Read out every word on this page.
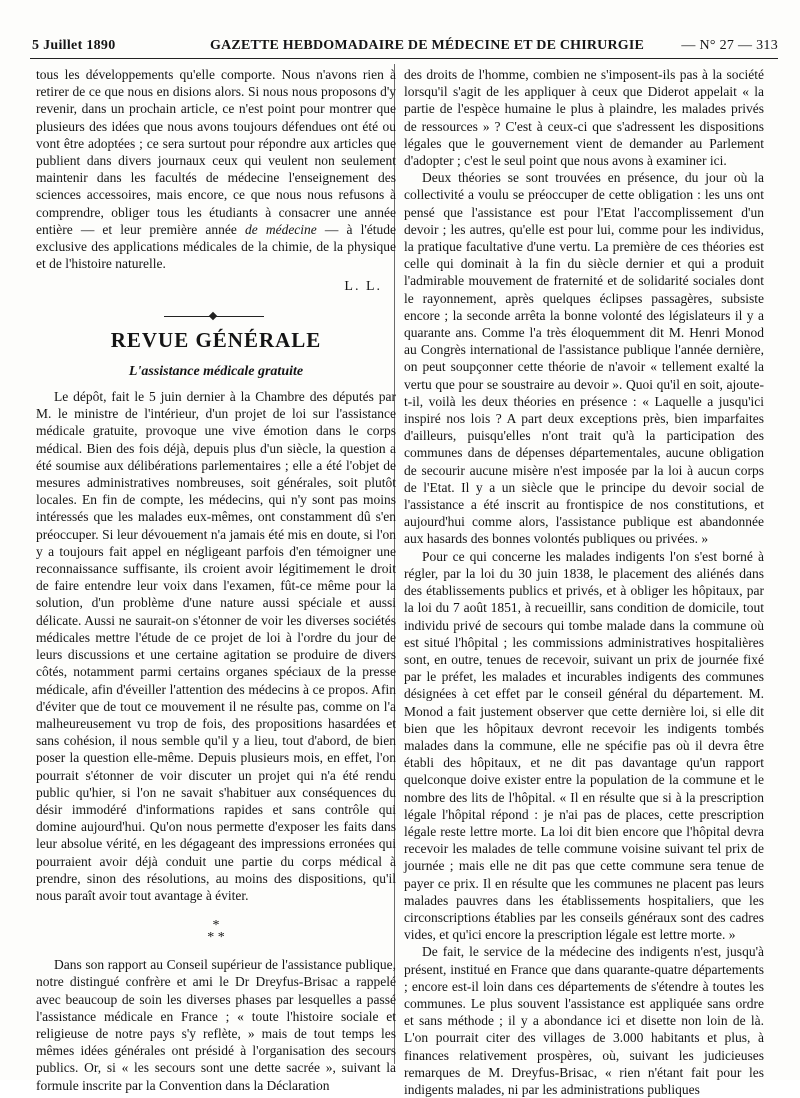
5 Juillet 1890	GAZETTE HEBDOMADAIRE DE MÉDECINE ET DE CHIRURGIE	— N° 27 — 313

tous les développements qu'elle comporte. Nous n'avons rien à retirer de ce que nous en disions alors. Si nous nous proposons d'y revenir, dans un prochain article, ce n'est point pour montrer que plusieurs des idées que nous avons toujours défendues ont été ou vont être adoptées ; ce sera surtout pour répondre aux articles que publient dans divers journaux ceux qui veulent non seulement maintenir dans les facultés de médecine l'enseignement des sciences accessoires, mais encore, ce que nous nous refusons à comprendre, obliger tous les étudiants à consacrer une année entière — et leur première année de médecine — à l'étude exclusive des applications médicales de la chimie, de la physique et de l'histoire naturelle.

L. L.
REVUE GÉNÉRALE
L'assistance médicale gratuite

Le dépôt, fait le 5 juin dernier à la Chambre des députés par M. le ministre de l'intérieur, d'un projet de loi sur l'assistance médicale gratuite, provoque une vive émotion dans le corps médical. Bien des fois déjà, depuis plus d'un siècle, la question a été soumise aux délibérations parlementaires ; elle a été l'objet de mesures administratives nombreuses, soit générales, soit plutôt locales. En fin de compte, les médecins, qui n'y sont pas moins intéressés que les malades eux-mêmes, ont constamment dû s'en préoccuper. Si leur dévouement n'a jamais été mis en doute, si l'on y a toujours fait appel en négligeant parfois d'en témoigner une reconnaissance suffisante, ils croient avoir légitimement le droit de faire entendre leur voix dans l'examen, fût-ce même pour la solution, d'un problème d'une nature aussi spéciale et aussi délicate. Aussi ne saurait-on s'étonner de voir les diverses sociétés médicales mettre l'étude de ce projet de loi à l'ordre du jour de leurs discussions et une certaine agitation se produire de divers côtés, notamment parmi certains organes spéciaux de la presse médicale, afin d'éveiller l'attention des médecins à ce propos. Afin d'éviter que de tout ce mouvement il ne résulte pas, comme on l'a malheureusement vu trop de fois, des propositions hasardées et sans cohésion, il nous semble qu'il y a lieu, tout d'abord, de bien poser la question elle-même. Depuis plusieurs mois, en effet, l'on pourrait s'étonner de voir discuter un projet qui n'a été rendu public qu'hier, si l'on ne savait s'habituer aux conséquences du désir immodéré d'informations rapides et sans contrôle qui domine aujourd'hui. Qu'on nous permette d'exposer les faits dans leur absolue vérité, en les dégageant des impressions erronées qui pourraient avoir déjà conduit une partie du corps médical à prendre, sinon des résolutions, au moins des dispositions, qu'il nous paraît avoir tout avantage à éviter.

*
* *

Dans son rapport au Conseil supérieur de l'assistance publique, notre distingué confrère et ami le Dr Dreyfus-Brisac a rappelé avec beaucoup de soin les diverses phases par lesquelles a passé l'assistance médicale en France ; « toute l'histoire sociale et religieuse de notre pays s'y reflète, » mais de tout temps les mêmes idées générales ont présidé à l'organisation des secours publics. Or, si « les secours sont une dette sacrée », suivant la formule inscrite par la Convention dans la Déclaration

des droits de l'homme, combien ne s'imposent-ils pas à la société lorsqu'il s'agit de les appliquer à ceux que Diderot appelait « la partie de l'espèce humaine le plus à plaindre, les malades privés de ressources » ? C'est à ceux-ci que s'adressent les dispositions légales que le gouvernement vient de demander au Parlement d'adopter ; c'est le seul point que nous avons à examiner ici.

Deux théories se sont trouvées en présence, du jour où la collectivité a voulu se préoccuper de cette obligation : les uns ont pensé que l'assistance est pour l'Etat l'accomplissement d'un devoir ; les autres, qu'elle est pour lui, comme pour les individus, la pratique facultative d'une vertu. La première de ces théories est celle qui dominait à la fin du siècle dernier et qui a produit l'admirable mouvement de fraternité et de solidarité sociales dont le rayonnement, après quelques éclipses passagères, subsiste encore ; la seconde arrêta la bonne volonté des législateurs il y a quarante ans. Comme l'a très éloquemment dit M. Henri Monod au Congrès international de l'assistance publique l'année dernière, on peut soupçonner cette théorie de n'avoir « tellement exalté la vertu que pour se soustraire au devoir ». Quoi qu'il en soit, ajoute-t-il, voilà les deux théories en présence : « Laquelle a jusqu'ici inspiré nos lois ? A part deux exceptions près, bien imparfaites d'ailleurs, puisqu'elles n'ont trait qu'à la participation des communes dans de dépenses départementales, aucune obligation de secourir aucune misère n'est imposée par la loi à aucun corps de l'Etat. Il y a un siècle que le principe du devoir social de l'assistance a été inscrit au frontispice de nos constitutions, et aujourd'hui comme alors, l'assistance publique est abandonnée aux hasards des bonnes volontés publiques ou privées. »

Pour ce qui concerne les malades indigents l'on s'est borné à régler, par la loi du 30 juin 1838, le placement des aliénés dans des établissements publics et privés, et à obliger les hôpitaux, par la loi du 7 août 1851, à recueillir, sans condition de domicile, tout individu privé de secours qui tombe malade dans la commune où est situé l'hôpital ; les commissions administratives hospitalières sont, en outre, tenues de recevoir, suivant un prix de journée fixé par le préfet, les malades et incurables indigents des communes désignées à cet effet par le conseil général du département. M. Monod a fait justement observer que cette dernière loi, si elle dit bien que les hôpitaux devront recevoir les indigents tombés malades dans la commune, elle ne spécifie pas où il devra être établi des hôpitaux, et ne dit pas davantage qu'un rapport quelconque doive exister entre la population de la commune et le nombre des lits de l'hôpital. « Il en résulte que si à la prescription légale l'hôpital répond : je n'ai pas de places, cette prescription légale reste lettre morte. La loi dit bien encore que l'hôpital devra recevoir les malades de telle commune voisine suivant tel prix de journée ; mais elle ne dit pas que cette commune sera tenue de payer ce prix. Il en résulte que les communes ne placent pas leurs malades pauvres dans les établissements hospitaliers, que les circonscriptions établies par les conseils généraux sont des cadres vides, et qu'ici encore la prescription légale est lettre morte. »

De fait, le service de la médecine des indigents n'est, jusqu'à présent, institué en France que dans quarante-quatre départements ; encore est-il loin dans ces départements de s'étendre à toutes les communes. Le plus souvent l'assistance est appliquée sans ordre et sans méthode ; il y a abondance ici et disette non loin de là. L'on pourrait citer des villages de 3.000 habitants et plus, à finances relativement prospères, où, suivant les judicieuses remarques de M. Dreyfus-Brisac, « rien n'étant fait pour les indigents malades, ni par les administrations publiques
